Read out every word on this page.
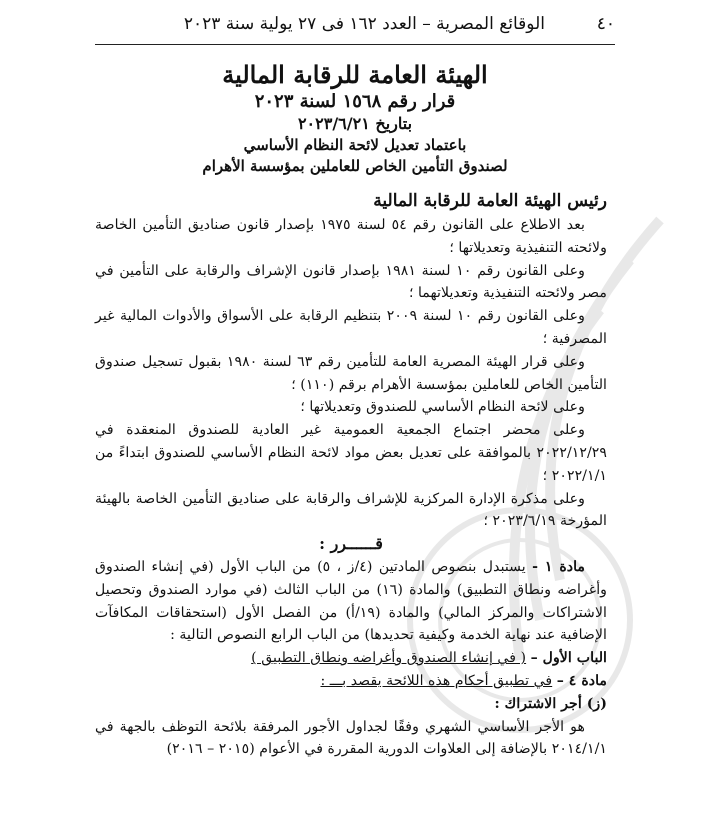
٤٠
الوقائع المصرية – العدد ١٦٢ فى ٢٧ يولية سنة ٢٠٢٣
الهيئة العامة للرقابة المالية
قرار رقم ١٥٦٨ لسنة ٢٠٢٣
بتاريخ ٢٠٢٣/٦/٢١
باعتماد تعديل لائحة النظام الأساسي
لصندوق التأمين الخاص للعاملين بمؤسسة الأهرام

رئيس الهيئة العامة للرقابة المالية

بعد الاطلاع على القانون رقم ٥٤ لسنة ١٩٧٥ بإصدار قانون صناديق التأمين الخاصة ولائحته التنفيذية وتعديلاتها ؛

وعلى القانون رقم ١٠ لسنة ١٩٨١ بإصدار قانون الإشراف والرقابة على التأمين في مصر ولائحته التنفيذية وتعديلاتهما ؛

وعلى القانون رقم ١٠ لسنة ٢٠٠٩ بتنظيم الرقابة على الأسواق والأدوات المالية غير المصرفية ؛

وعلى قرار الهيئة المصرية العامة للتأمين رقم ٦٣ لسنة ١٩٨٠ بقبول تسجيل صندوق التأمين الخاص للعاملين بمؤسسة الأهرام برقم (١١٠) ؛

وعلى لائحة النظام الأساسي للصندوق وتعديلاتها ؛

وعلى محضر اجتماع الجمعية العمومية غير العادية للصندوق المنعقدة في ٢٠٢٢/١٢/٢٩ بالموافقة على تعديل بعض مواد لائحة النظام الأساسي للصندوق ابتداءً من ٢٠٢٢/١/١ ؛

وعلى مذكرة الإدارة المركزية للإشراف والرقابة على صناديق التأمين الخاصة بالهيئة المؤرخة ٢٠٢٣/٦/١٩ ؛

قــــــرر :

مادة ١ - يستبدل بنصوص المادتين (٤/ز ، ٥) من الباب الأول (في إنشاء الصندوق وأغراضه ونطاق التطبيق) والمادة (١٦) من الباب الثالث (في موارد الصندوق وتحصيل الاشتراكات والمركز المالي) والمادة (١٩/أ) من الفصل الأول (استحقاقات المكافآت الإضافية عند نهاية الخدمة وكيفية تحديدها) من الباب الرابع النصوص التالية :

الباب الأول – ( في إنشاء الصندوق وأغراضه ونطاق التطبيق )

مادة ٤ – في تطبيق أحكام هذه اللائحة يقصد بـــ :

(ز) أجر الاشتراك :

هو الأجر الأساسي الشهري وفقًا لجداول الأجور المرفقة بلائحة التوظف بالجهة في ٢٠١٤/١/١ بالإضافة إلى العلاوات الدورية المقررة في الأعوام (٢٠١٥ – ٢٠١٦)
